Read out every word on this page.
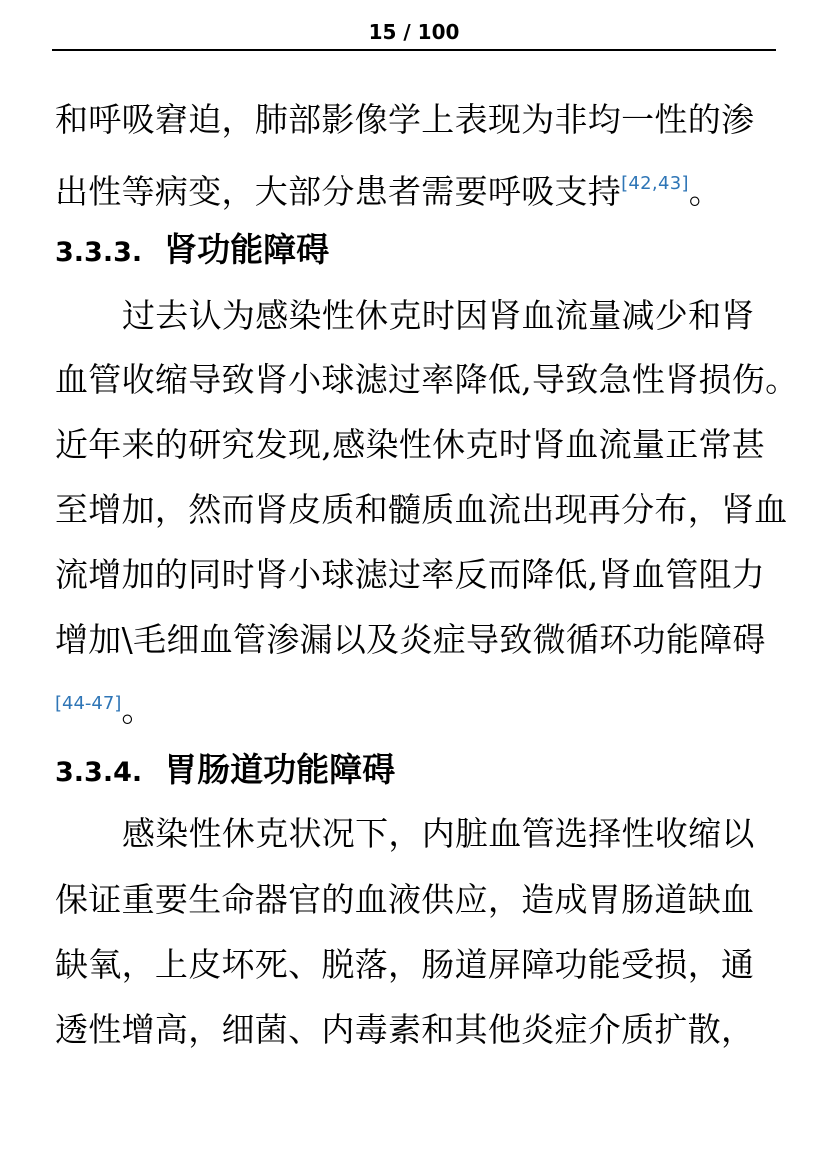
15 / 100
和呼吸窘迫，肺部影像学上表现为非均一性的渗
出性等病变，大部分患者需要呼吸支持[42,43]。
3.3.3. 肾功能障碍
过去认为感染性休克时因肾血流量减少和肾
血管收缩导致肾小球滤过率降低,导致急性肾损伤。
近年来的研究发现,感染性休克时肾血流量正常甚
至增加，然而肾皮质和髓质血流出现再分布，肾血
流增加的同时肾小球滤过率反而降低,肾血管阻力
增加\毛细血管渗漏以及炎症导致微循环功能障碍
[44-47]。
3.3.4. 胃肠道功能障碍
感染性休克状况下，内脏血管选择性收缩以
保证重要生命器官的血液供应，造成胃肠道缺血
缺氧，上皮坏死、脱落，肠道屏障功能受损，通
透性增高，细菌、内毒素和其他炎症介质扩散，
